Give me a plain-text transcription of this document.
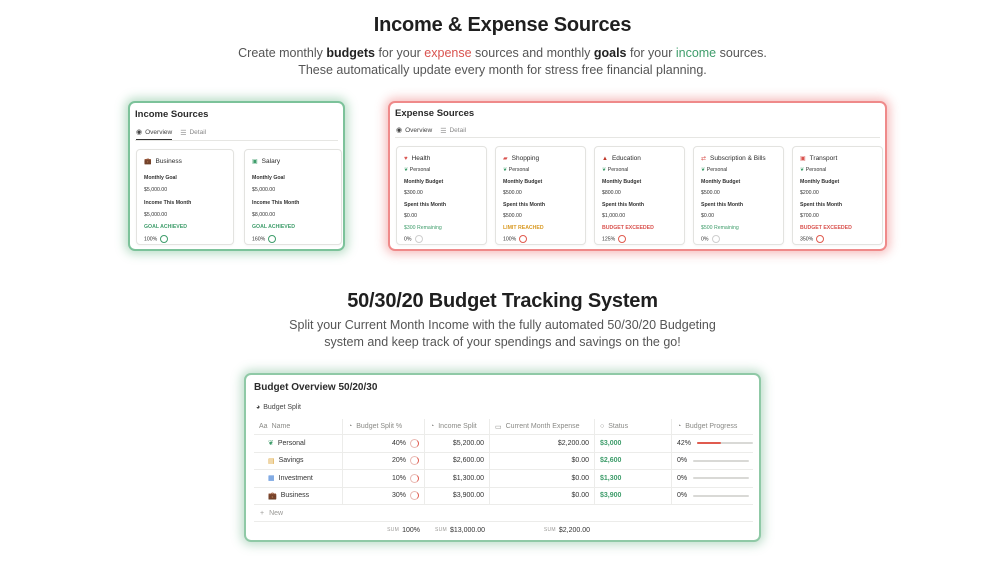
Income & Expense Sources
Create monthly budgets for your expense sources and monthly goals for your income sources.
These automatically update every month for stress free financial planning.
Income Sources
◉ Overview ☰ Detail
💼 Business
Monthly Goal
$5,000.00
Income This Month
$5,000.00
GOAL ACHIEVED
100%
▣ Salary
Monthly Goal
$5,000.00
Income This Month
$8,000.00
GOAL ACHIEVED
160%
Expense Sources
◉ Overview ☰ Detail
♥ Health
❦ Personal
Monthly Budget
$300.00
Spent this Month
$0.00
$300 Remaining
0%
▰ Shopping
❦ Personal
Monthly Budget
$500.00
Spent this Month
$500.00
LIMIT REACHED
100%
▲ Education
❦ Personal
Monthly Budget
$800.00
Spent this Month
$1,000.00
BUDGET EXCEEDED
125%
⇄ Subscription & Bills
❦ Personal
Monthly Budget
$500.00
Spent this Month
$0.00
$500 Remaining
0%
▣ Transport
❦ Personal
Monthly Budget
$200.00
Spent this Month
$700.00
BUDGET EXCEEDED
350%
50/30/20 Budget Tracking System
Split your Current Month Income with the fully automated 50/30/20 Budgeting
system and keep track of your spendings and savings on the go!
Budget Overview 50/20/30
◕ Budget Split
Aa Name	◔ Budget Split %	◔ Income Split	▭ Current Month Expense	○ Status	◔ Budget Progress
❦ Personal	40%	$5,200.00	$2,200.00	$3,000	42%
▤ Savings	20%	$2,600.00	$0.00	$2,600	0%
▦ Investment	10%	$1,300.00	$0.00	$1,300	0%
💼 Business	30%	$3,900.00	$0.00	$3,900	0%
+ New
SUM 100%	SUM $13,000.00	SUM $2,200.00
